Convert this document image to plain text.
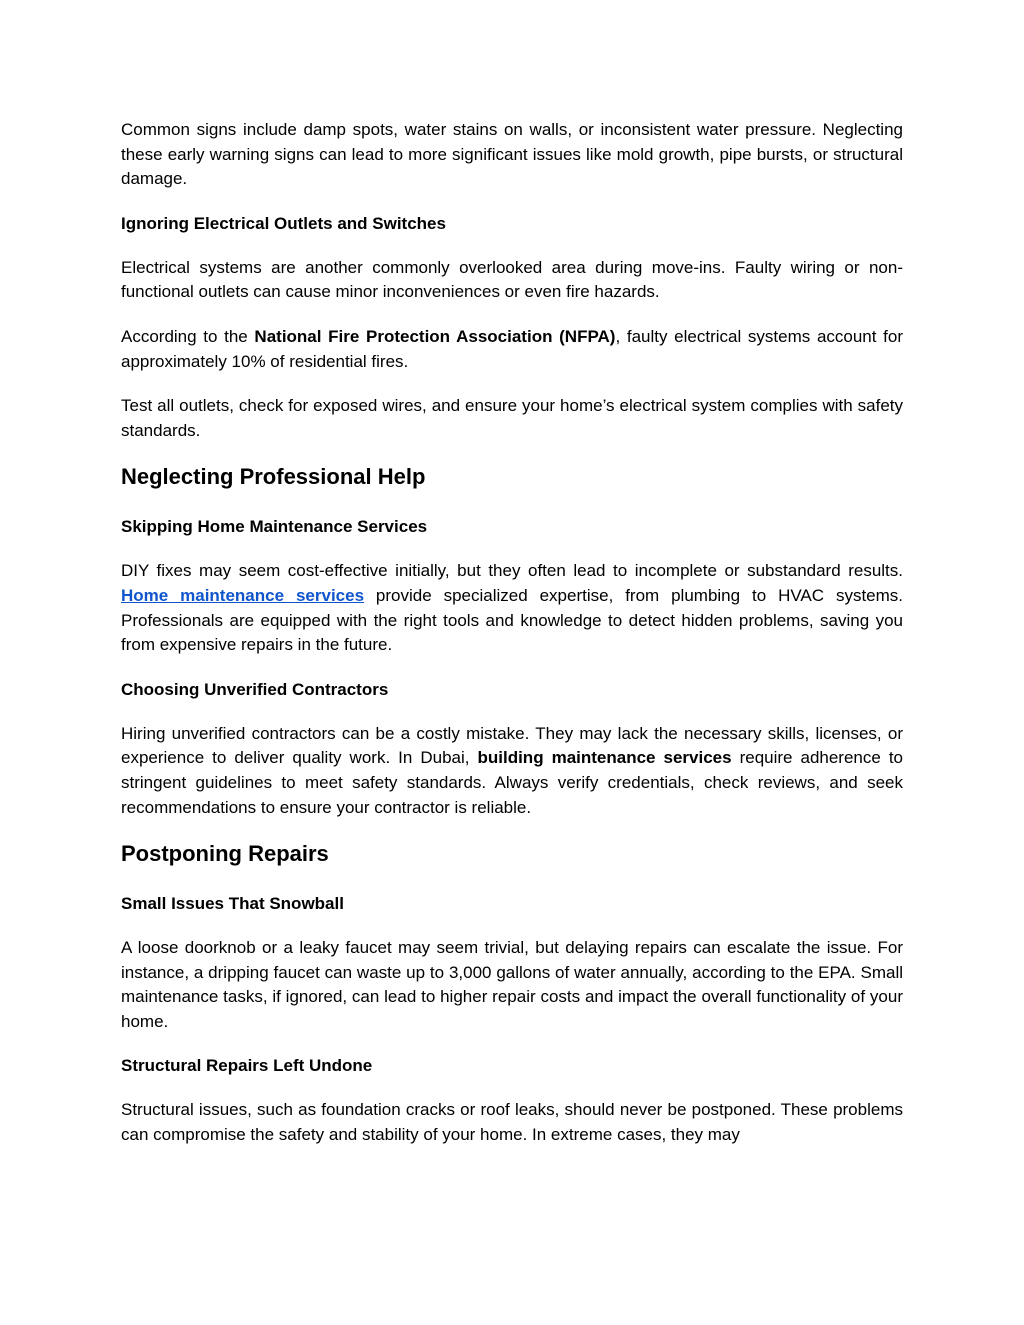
Common signs include damp spots, water stains on walls, or inconsistent water pressure. Neglecting these early warning signs can lead to more significant issues like mold growth, pipe bursts, or structural damage.

Ignoring Electrical Outlets and Switches

Electrical systems are another commonly overlooked area during move-ins. Faulty wiring or non-functional outlets can cause minor inconveniences or even fire hazards.

According to the National Fire Protection Association (NFPA), faulty electrical systems account for approximately 10% of residential fires.

Test all outlets, check for exposed wires, and ensure your home’s electrical system complies with safety standards.

Neglecting Professional Help
Skipping Home Maintenance Services

DIY fixes may seem cost-effective initially, but they often lead to incomplete or substandard results. Home maintenance services provide specialized expertise, from plumbing to HVAC systems. Professionals are equipped with the right tools and knowledge to detect hidden problems, saving you from expensive repairs in the future.

Choosing Unverified Contractors

Hiring unverified contractors can be a costly mistake. They may lack the necessary skills, licenses, or experience to deliver quality work. In Dubai, building maintenance services require adherence to stringent guidelines to meet safety standards. Always verify credentials, check reviews, and seek recommendations to ensure your contractor is reliable.

Postponing Repairs
Small Issues That Snowball

A loose doorknob or a leaky faucet may seem trivial, but delaying repairs can escalate the issue. For instance, a dripping faucet can waste up to 3,000 gallons of water annually, according to the EPA. Small maintenance tasks, if ignored, can lead to higher repair costs and impact the overall functionality of your home.

Structural Repairs Left Undone

Structural issues, such as foundation cracks or roof leaks, should never be postponed. These problems can compromise the safety and stability of your home. In extreme cases, they may
